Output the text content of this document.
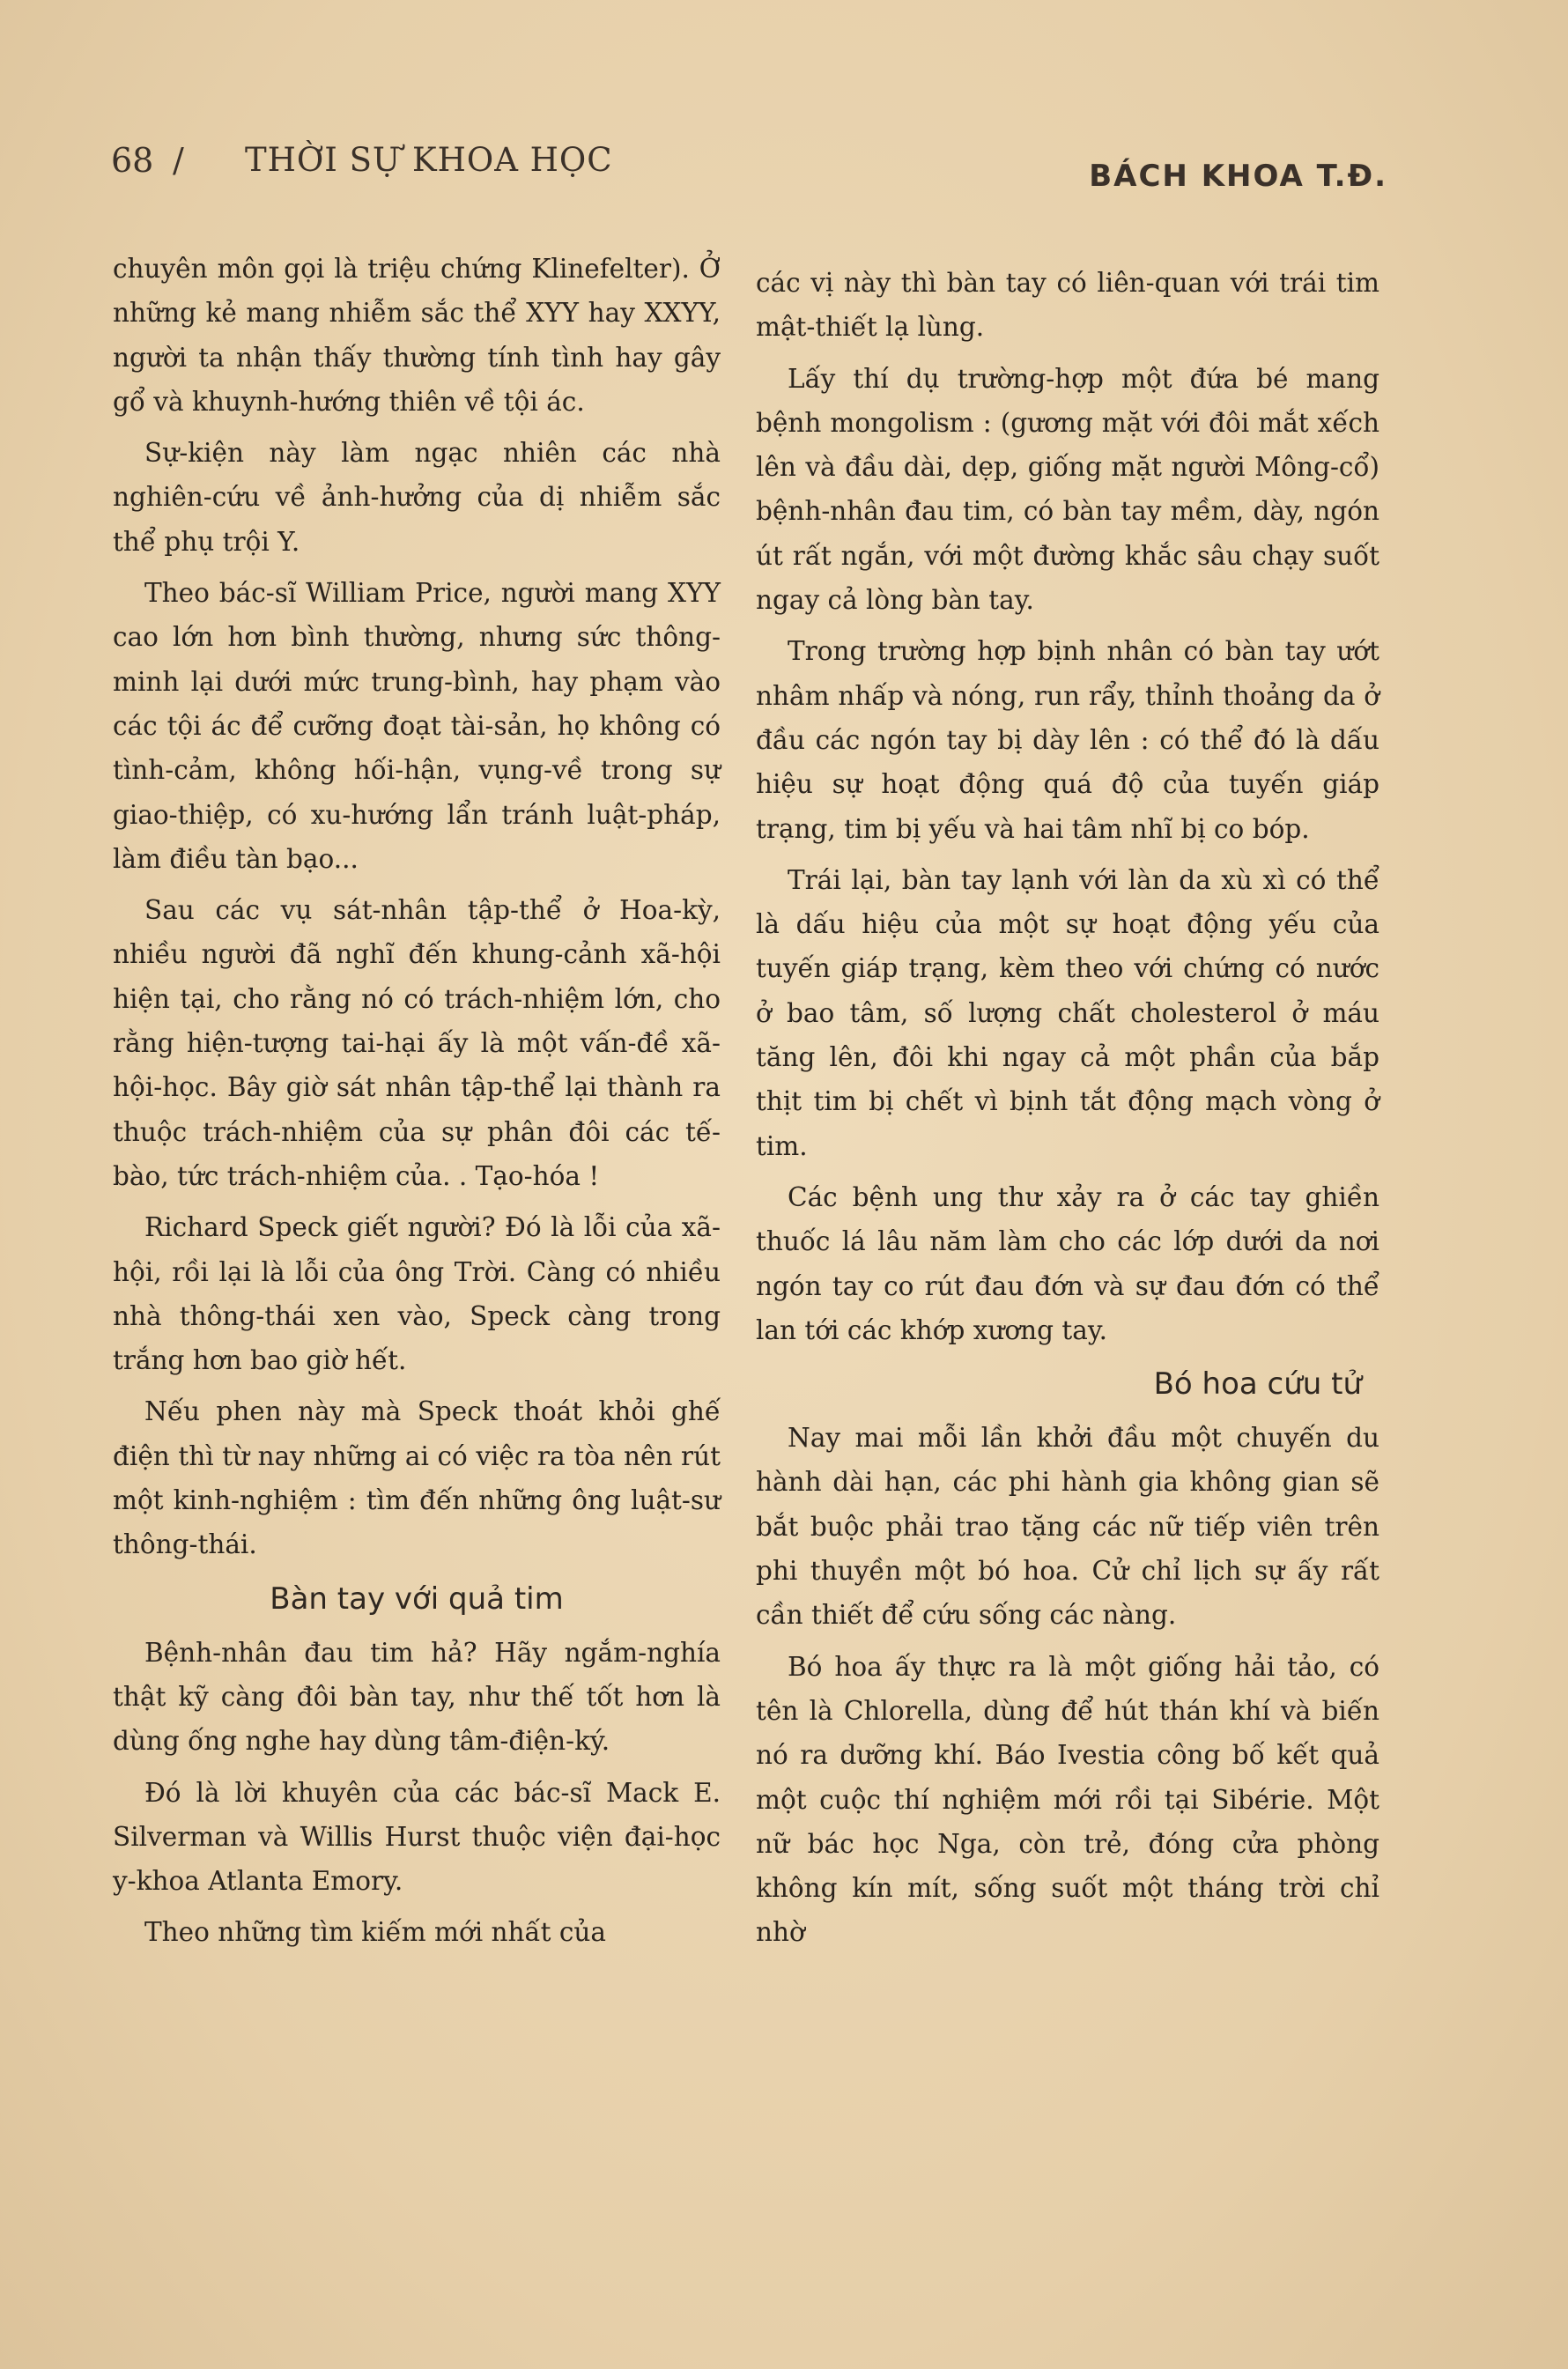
68 / THỜI SỰ KHOA HỌC	BÁCH KHOA T.Đ.

chuyên môn gọi là triệu chứng Klinefelter). Ở những kẻ mang nhiễm sắc thể XYY hay XXYY, người ta nhận thấy thường tính tình hay gây gổ và khuynh-hướng thiên về tội ác.

Sự-kiện này làm ngạc nhiên các nhà nghiên-cứu về ảnh-hưởng của dị nhiễm sắc thể phụ trội Y.

Theo bác-sĩ William Price, người mang XYY cao lớn hơn bình thường, nhưng sức thông-minh lại dưới mức trung-bình, hay phạm vào các tội ác để cưỡng đoạt tài-sản, họ không có tình-cảm, không hối-hận, vụng-về trong sự giao-thiệp, có xu-hướng lẩn tránh luật-pháp, làm điều tàn bạo...

Sau các vụ sát-nhân tập-thể ở Hoa-kỳ, nhiều người đã nghĩ đến khung-cảnh xã-hội hiện tại, cho rằng nó có trách-nhiệm lớn, cho rằng hiện-tượng tai-hại ấy là một vấn-đề xã-hội-học. Bây giờ sát nhân tập-thể lại thành ra thuộc trách-nhiệm của sự phân đôi các tế-bào, tức trách-nhiệm của. . Tạo-hóa !

Richard Speck giết người? Đó là lỗi của xã-hội, rồi lại là lỗi của ông Trời. Càng có nhiều nhà thông-thái xen vào, Speck càng trong trắng hơn bao giờ hết.

Nếu phen này mà Speck thoát khỏi ghế điện thì từ nay những ai có việc ra tòa nên rút một kinh-nghiệm : tìm đến những ông luật-sư thông-thái.

Bàn tay với quả tim

Bệnh-nhân đau tim hả? Hãy ngắm-nghía thật kỹ càng đôi bàn tay, như thế tốt hơn là dùng ống nghe hay dùng tâm-điện-ký.

Đó là lời khuyên của các bác-sĩ Mack E. Silverman và Willis Hurst thuộc viện đại-học y-khoa Atlanta Emory.

Theo những tìm kiếm mới nhất của

các vị này thì bàn tay có liên-quan với trái tim mật-thiết lạ lùng.

Lấy thí dụ trường-hợp một đứa bé mang bệnh mongolism : (gương mặt với đôi mắt xếch lên và đầu dài, dẹp, giống mặt người Mông-cổ) bệnh-nhân đau tim, có bàn tay mềm, dày, ngón út rất ngắn, với một đường khắc sâu chạy suốt ngay cả lòng bàn tay.

Trong trường hợp bịnh nhân có bàn tay ướt nhâm nhấp và nóng, run rẩy, thỉnh thoảng da ở đầu các ngón tay bị dày lên : có thể đó là dấu hiệu sự hoạt động quá độ của tuyến giáp trạng, tim bị yếu và hai tâm nhĩ bị co bóp.

Trái lại, bàn tay lạnh với làn da xù xì có thể là dấu hiệu của một sự hoạt động yếu của tuyến giáp trạng, kèm theo với chứng có nước ở bao tâm, số lượng chất cholesterol ở máu tăng lên, đôi khi ngay cả một phần của bắp thịt tim bị chết vì bịnh tắt động mạch vòng ở tim.

Các bệnh ung thư xảy ra ở các tay ghiền thuốc lá lâu năm làm cho các lớp dưới da nơi ngón tay co rút đau đớn và sự đau đớn có thể lan tới các khớp xương tay.

Bó hoa cứu tử

Nay mai mỗi lần khởi đầu một chuyến du hành dài hạn, các phi hành gia không gian sẽ bắt buộc phải trao tặng các nữ tiếp viên trên phi thuyền một bó hoa. Cử chỉ lịch sự ấy rất cần thiết để cứu sống các nàng.

Bó hoa ấy thực ra là một giống hải tảo, có tên là Chlorella, dùng để hút thán khí và biến nó ra dưỡng khí. Báo Ivestia công bố kết quả một cuộc thí nghiệm mới rồi tại Sibérie. Một nữ bác học Nga, còn trẻ, đóng cửa phòng không kín mít, sống suốt một tháng trời chỉ nhờ
